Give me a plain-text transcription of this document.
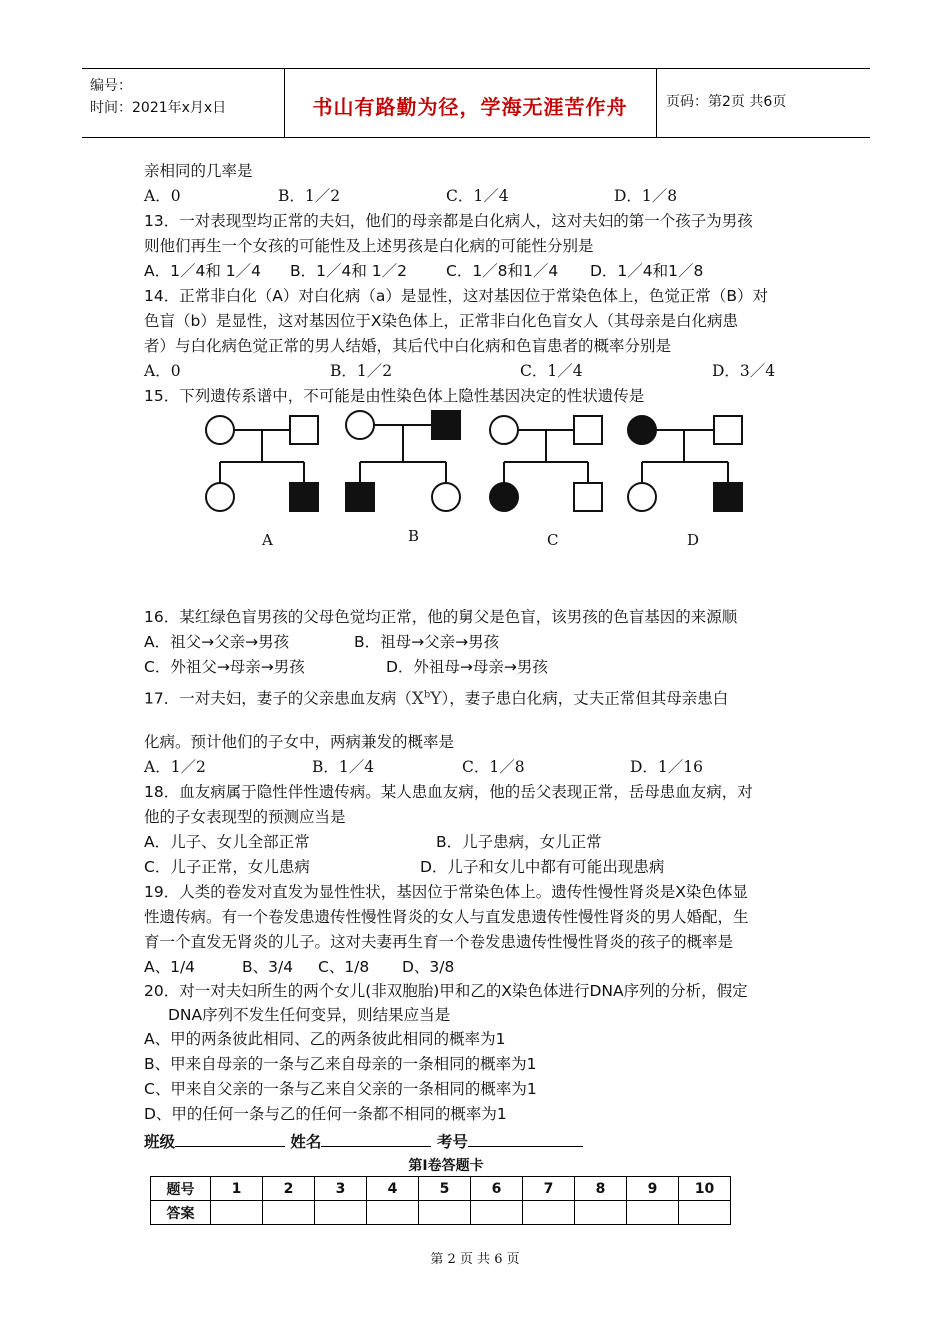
编号：
时间：2021年x月x日	书山有路勤为径，学海无涯苦作舟	页码：第2页 共6页
亲相同的几率是
A．0	B．1／2	C．1／4	D．1／8
13．一对表现型均正常的夫妇，他们的母亲都是白化病人，这对夫妇的第一个孩子为男孩
则他们再生一个女孩的可能性及上述男孩是白化病的可能性分别是
A．1／4和 1／4 B．1／4和 1／2	C．1／8和1／4 D．1／4和1／8
14．正常非白化（A）对白化病（a）是显性，这对基因位于常染色体上，色觉正常（B）对
色盲（b）是显性，这对基因位于X染色体上，正常非白化色盲女人（其母亲是白化病患
者）与白化病色觉正常的男人结婚，其后代中白化病和色盲患者的概率分别是
A．0	B．1／2	C．1／4	D．3／4
15．下列遗传系谱中，不可能是由性染色体上隐性基因决定的性状遗传是
A	B	C	D
16．某红绿色盲男孩的父母色觉均正常，他的舅父是色盲，该男孩的色盲基因的来源顺
A．祖父→父亲→男孩	B．祖母→父亲→男孩
C．外祖父→母亲→男孩	D．外祖母→母亲→男孩
17．一对夫妇，妻子的父亲患血友病$(X^bY)$，妻子患白化病，丈夫正常但其母亲患白
化病。预计他们的子女中，两病兼发的概率是
A．1／2	B．1／4	C．1／8	D．1／16
18．血友病属于隐性伴性遗传病。某人患血友病，他的岳父表现正常，岳母患血友病，对
他的子女表现型的预测应当是
A．儿子、女儿全部正常	B．儿子患病，女儿正常
C．儿子正常，女儿患病	D．儿子和女儿中都有可能出现患病
19．人类的卷发对直发为显性性状，基因位于常染色体上。遗传性慢性肾炎是X染色体显
性遗传病。有一个卷发患遗传性慢性肾炎的女人与直发患遗传性慢性肾炎的男人婚配，生
育一个直发无肾炎的儿子。这对夫妻再生育一个卷发患遗传性慢性肾炎的孩子的概率是
A、1/4	B、3/4 C、1/8 D、3/8
20．对一对夫妇所生的两个女儿(非双胞胎)甲和乙的X染色体进行DNA序列的分析，假定
DNA序列不发生任何变异，则结果应当是
A、甲的两条彼此相同、乙的两条彼此相同的概率为1
B、甲来自母亲的一条与乙来自母亲的一条相同的概率为1
C、甲来自父亲的一条与乙来自父亲的一条相同的概率为1
D、甲的任何一条与乙的任何一条都不相同的概率为1
班级	姓名	考号
第Ⅰ卷答题卡
题号	1	2	3	4	5	6	7	8	9	10
答案										
第 2 页 共 6 页
